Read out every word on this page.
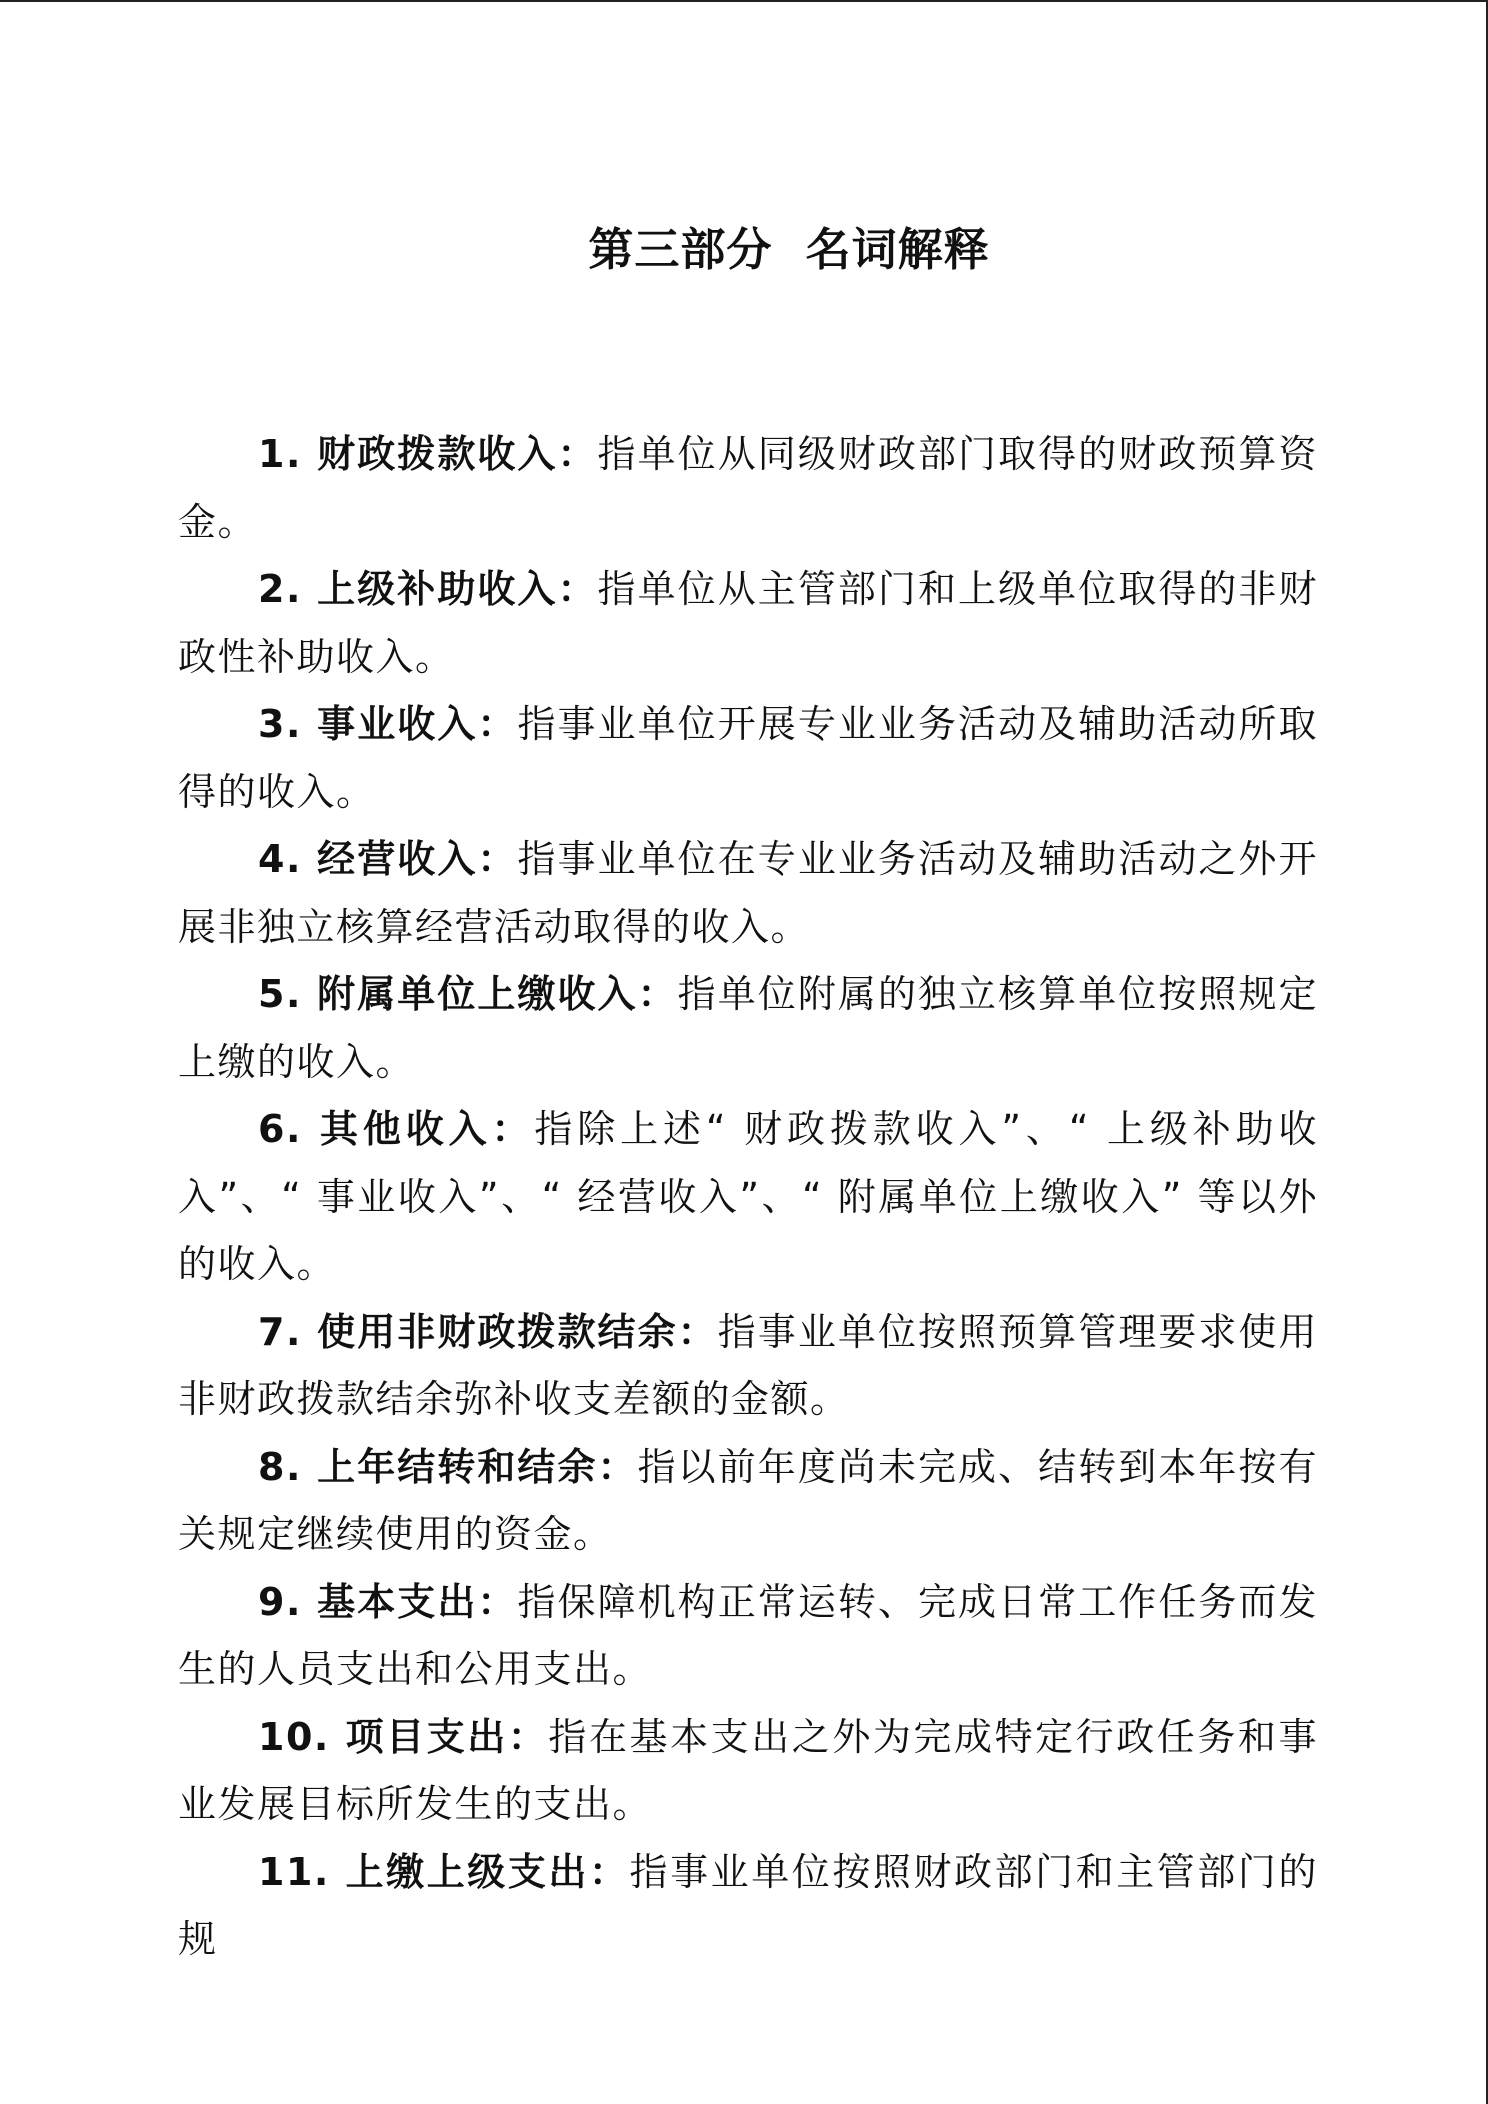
第三部分  名词解释

1. 财政拨款收入：指单位从同级财政部门取得的财政预算资金。

2. 上级补助收入：指单位从主管部门和上级单位取得的非财政性补助收入。

3. 事业收入：指事业单位开展专业业务活动及辅助活动所取得的收入。

4. 经营收入：指事业单位在专业业务活动及辅助活动之外开展非独立核算经营活动取得的收入。

5. 附属单位上缴收入：指单位附属的独立核算单位按照规定上缴的收入。

6. 其他收入：指除上述“ 财政拨款收入”、“ 上级补助收入”、“ 事业收入”、“ 经营收入”、“ 附属单位上缴收入” 等以外的收入。

7. 使用非财政拨款结余：指事业单位按照预算管理要求使用非财政拨款结余弥补收支差额的金额。

8. 上年结转和结余：指以前年度尚未完成、结转到本年按有关规定继续使用的资金。

9. 基本支出：指保障机构正常运转、完成日常工作任务而发生的人员支出和公用支出。

10. 项目支出：指在基本支出之外为完成特定行政任务和事业发展目标所发生的支出。

11. 上缴上级支出：指事业单位按照财政部门和主管部门的规
